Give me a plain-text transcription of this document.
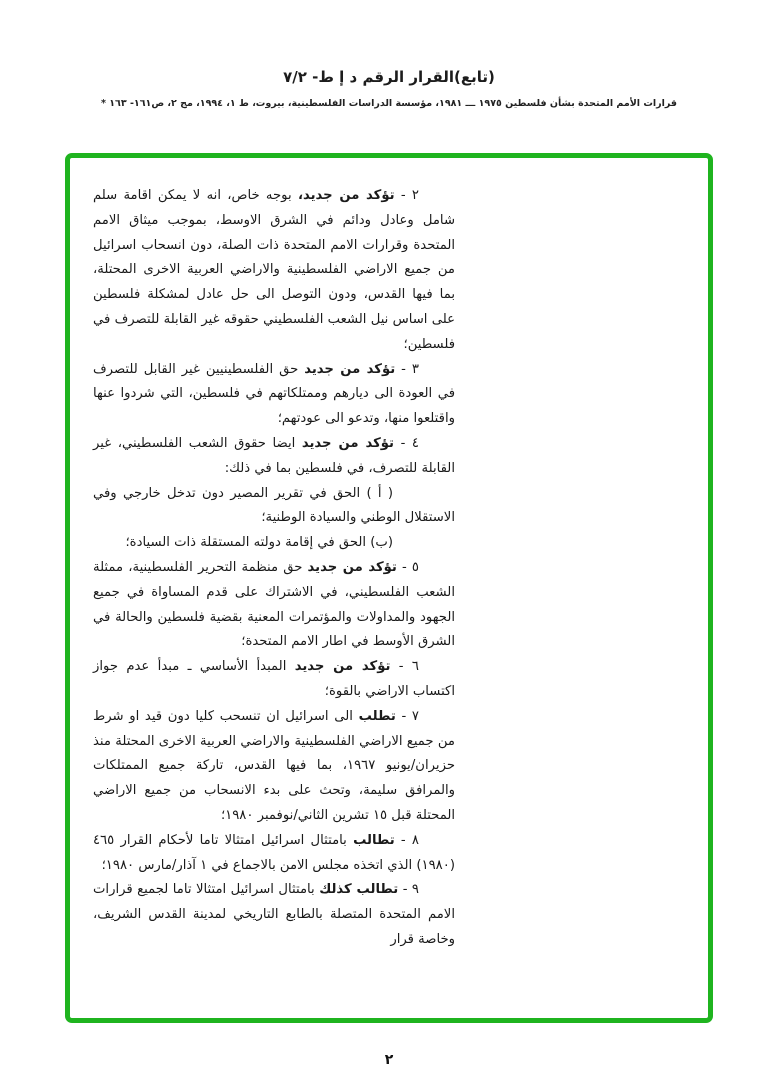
(تابع)القرار الرقم د إ ط- ٧/٢
قرارات الأمم المتحدة بشأن فلسطين ١٩٧٥ ـــ ١٩٨١، مؤسسة الدراسات الفلسطينية، بيروت، ط ١، ١٩٩٤، مج ٢، ص١٦١- ١٦٣ *

٢ - تؤكد من جديد، بوجه خاص، انه لا يمكن اقامة سلم شامل وعادل ودائم في الشرق الاوسط، بموجب ميثاق الامم المتحدة وقرارات الامم المتحدة ذات الصلة، دون انسحاب اسرائيل من جميع الاراضي الفلسطينية والاراضي العربية الاخرى المحتلة، بما فيها القدس، ودون التوصل الى حل عادل لمشكلة فلسطين على اساس نيل الشعب الفلسطيني حقوقه غير القابلة للتصرف في فلسطين؛

٣ - تؤكد من جديد حق الفلسطينيين غير القابل للتصرف في العودة الى ديارهم وممتلكاتهم في فلسطين، التي شردوا عنها واقتلعوا منها، وتدعو الى عودتهم؛

٤ - تؤكد من جديد ايضا حقوق الشعب الفلسطيني، غير القابلة للتصرف، في فلسطين بما في ذلك:

( أ ) الحق في تقرير المصير دون تدخل خارجي وفي الاستقلال الوطني والسيادة الوطنية؛

(ب) الحق في إقامة دولته المستقلة ذات السيادة؛

٥ - تؤكد من جديد حق منظمة التحرير الفلسطينية، ممثلة الشعب الفلسطيني، في الاشتراك على قدم المساواة في جميع الجهود والمداولات والمؤتمرات المعنية بقضية فلسطين والحالة في الشرق الأوسط في اطار الامم المتحدة؛

٦ - تؤكد من جديد المبدأ الأساسي ـ مبدأ عدم جواز اكتساب الاراضي بالقوة؛

٧ - تطلب الى اسرائيل ان تنسحب كليا دون قيد او شرط من جميع الاراضي الفلسطينية والاراضي العربية الاخرى المحتلة منذ حزيران/يونيو ١٩٦٧، بما فيها القدس، تاركة جميع الممتلكات والمرافق سليمة، وتحث على بدء الانسحاب من جميع الاراضي المحتلة قبل ١٥ تشرين الثاني/نوفمبر ١٩٨٠؛

٨ - تطالب بامتثال اسرائيل امتثالا تاما لأحكام القرار ٤٦٥ (١٩٨٠) الذي اتخذه مجلس الامن بالاجماع في ١ آذار/مارس ١٩٨٠؛

٩ - تطالب كذلك بامتثال اسرائيل امتثالا تاما لجميع قرارات الامم المتحدة المتصلة بالطابع التاريخي لمدينة القدس الشريف، وخاصة قرار

٢
